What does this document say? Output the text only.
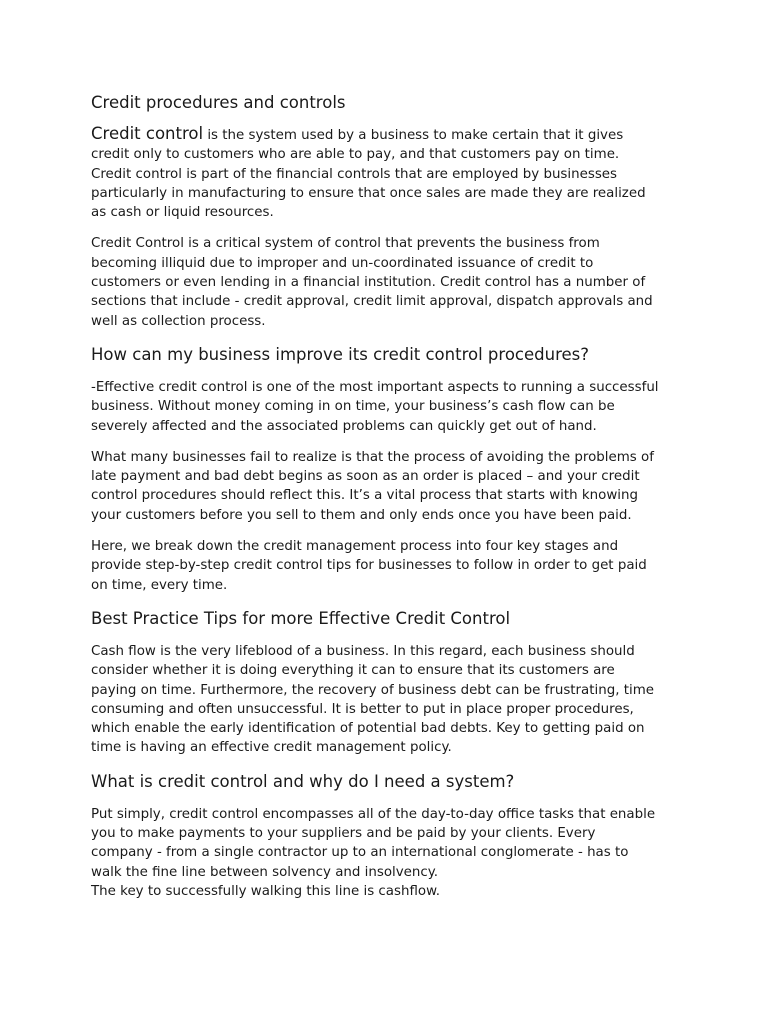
Credit procedures and controls

Credit control is the system used by a business to make certain that it gives
credit only to customers who are able to pay, and that customers pay on time.
Credit control is part of the financial controls that are employed by businesses
particularly in manufacturing to ensure that once sales are made they are realized
as cash or liquid resources.

Credit Control is a critical system of control that prevents the business from
becoming illiquid due to improper and un-coordinated issuance of credit to
customers or even lending in a financial institution. Credit control has a number of
sections that include - credit approval, credit limit approval, dispatch approvals and
well as collection process.

How can my business improve its credit control procedures?

-Effective credit control is one of the most important aspects to running a successful
business. Without money coming in on time, your business’s cash flow can be
severely affected and the associated problems can quickly get out of hand.

What many businesses fail to realize is that the process of avoiding the problems of
late payment and bad debt begins as soon as an order is placed – and your credit
control procedures should reflect this. It’s a vital process that starts with knowing
your customers before you sell to them and only ends once you have been paid.

Here, we break down the credit management process into four key stages and
provide step-by-step credit control tips for businesses to follow in order to get paid
on time, every time.

Best Practice Tips for more Effective Credit Control

Cash flow is the very lifeblood of a business. In this regard, each business should
consider whether it is doing everything it can to ensure that its customers are
paying on time. Furthermore, the recovery of business debt can be frustrating, time
consuming and often unsuccessful. It is better to put in place proper procedures,
which enable the early identification of potential bad debts. Key to getting paid on
time is having an effective credit management policy.

What is credit control and why do I need a system?

Put simply, credit control encompasses all of the day-to-day office tasks that enable
you to make payments to your suppliers and be paid by your clients. Every
company - from a single contractor up to an international conglomerate - has to
walk the fine line between solvency and insolvency.
The key to successfully walking this line is cashflow.
